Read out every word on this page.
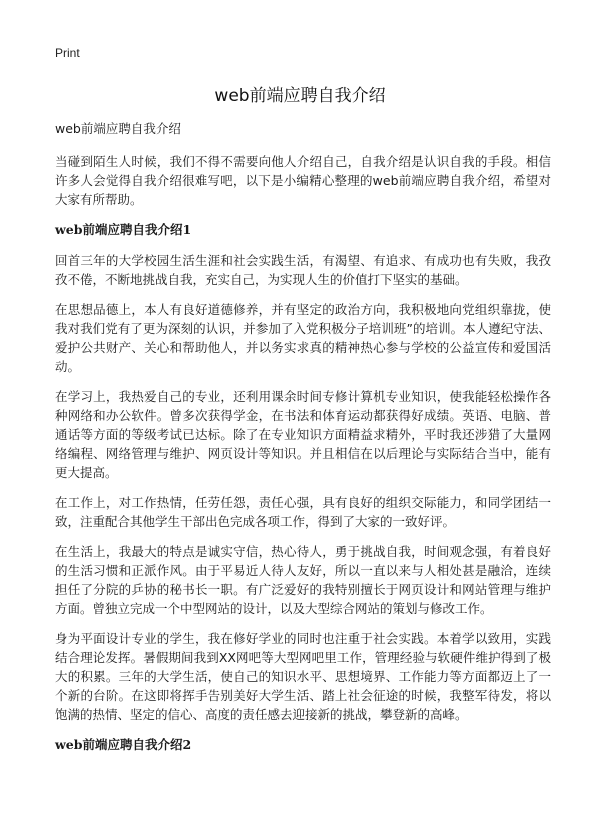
Print
web前端应聘自我介绍

web前端应聘自我介绍

当碰到陌生人时候，我们不得不需要向他人介绍自己，自我介绍是认识自我的手段。相信许多人会觉得自我介绍很难写吧，以下是小编精心整理的web前端应聘自我介绍，希望对大家有所帮助。

web前端应聘自我介绍1

回首三年的大学校园生活生涯和社会实践生活，有渴望、有追求、有成功也有失败，我孜孜不倦，不断地挑战自我，充实自己，为实现人生的价值打下坚实的基础。

在思想品德上，本人有良好道德修养，并有坚定的政治方向，我积极地向党组织靠拢，使我对我们党有了更为深刻的认识，并参加了入党积极分子培训班”的培训。本人遵纪守法、爱护公共财产、关心和帮助他人，并以务实求真的精神热心参与学校的公益宣传和爱国活动。

在学习上，我热爱自己的专业，还利用课余时间专修计算机专业知识，使我能轻松操作各种网络和办公软件。曾多次获得学金，在书法和体育运动都获得好成绩。英语、电脑、普通话等方面的等级考试已达标。除了在专业知识方面精益求精外，平时我还涉猎了大量网络编程、网络管理与维护、网页设计等知识。并且相信在以后理论与实际结合当中，能有更大提高。

在工作上，对工作热情，任劳任怨，责任心强，具有良好的组织交际能力，和同学团结一致，注重配合其他学生干部出色完成各项工作，得到了大家的一致好评。

在生活上，我最大的特点是诚实守信，热心待人，勇于挑战自我，时间观念强，有着良好的生活习惯和正派作风。由于平易近人待人友好，所以一直以来与人相处甚是融洽，连续担任了分院的乒协的秘书长一职。有广泛爱好的我特别擅长于网页设计和网站管理与维护方面。曾独立完成一个中型网站的设计，以及大型综合网站的策划与修改工作。

身为平面设计专业的学生，我在修好学业的同时也注重于社会实践。本着学以致用，实践结合理论发挥。暑假期间我到XX网吧等大型网吧里工作，管理经验与软硬件维护得到了极大的积累。三年的大学生活，使自己的知识水平、思想境界、工作能力等方面都迈上了一个新的台阶。在这即将挥手告别美好大学生活、踏上社会征途的时候，我整军待发，将以饱满的热情、坚定的信心、高度的责任感去迎接新的挑战，攀登新的高峰。

web前端应聘自我介绍2
